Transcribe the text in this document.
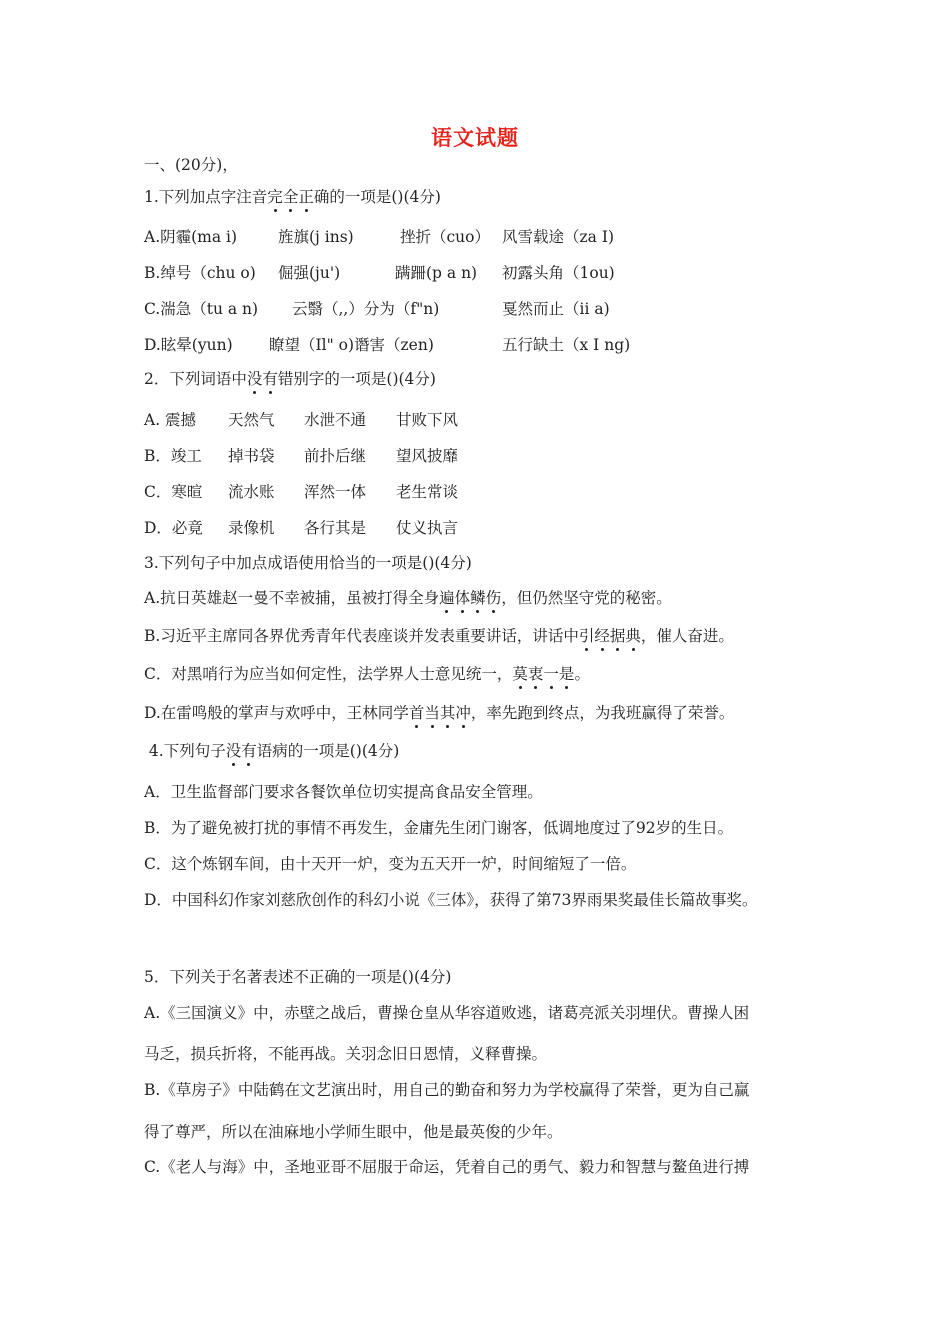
语文试题
一、(20分)，
1.下列加点字注音完全正确的一项是()(4分)
A.阴霾(ma i)	旌旗(j ins)	挫折（cuo） 风雪载途（za I)
B.绰号（chu o) 倔强(ju')	蹒跚(p a n) 初露头角（1ou)
C.湍急（tu a n) 云翳（,,）分为（f"n)	戛然而止（ii a)
D.眩晕(yun) 瞭望（Il" o)谮害（zen)	五行缺土（x I ng)
2．下列词语中没有错别字的一项是()(4分)
A. 震撼 天然气 水泄不通 甘败下风
B．竣工 掉书袋 前扑后继 望风披靡
C．寒暄 流水账 浑然一体 老生常谈
D．必竟 录像机 各行其是 仗义执言
3.下列句子中加点成语使用恰当的一项是()(4分)
A.抗日英雄赵一曼不幸被捕，虽被打得全身遍体鳞伤，但仍然坚守党的秘密。
B.习近平主席同各界优秀青年代表座谈并发表重要讲话，讲话中引经据典，催人奋进。
C．对黑哨行为应当如何定性，法学界人士意见统一，莫衷一是。
D.在雷鸣般的掌声与欢呼中，王林同学首当其冲，率先跑到终点，为我班赢得了荣誉。
4.下列句子没有语病的一项是()(4分)
A．卫生监督部门要求各餐饮单位切实提高食品安全管理。
B．为了避免被打扰的事情不再发生，金庸先生闭门谢客，低调地度过了92岁的生日。
C．这个炼钢车间，由十天开一炉，变为五天开一炉，时间缩短了一倍。
D．中国科幻作家刘慈欣创作的科幻小说《三体》，获得了第73界雨果奖最佳长篇故事奖。
5．下列关于名著表述不正确的一项是()(4分)
A.《三国演义》中，赤壁之战后，曹操仓皇从华容道败逃，诸葛亮派关羽埋伏。曹操人困
马乏，损兵折将，不能再战。关羽念旧日恩情，义释曹操。
B.《草房子》中陆鹤在文艺演出时，用自己的勤奋和努力为学校赢得了荣誉，更为自己赢
得了尊严，所以在油麻地小学师生眼中，他是最英俊的少年。
C.《老人与海》中，圣地亚哥不屈服于命运，凭着自己的勇气、毅力和智慧与鳌鱼进行搏
